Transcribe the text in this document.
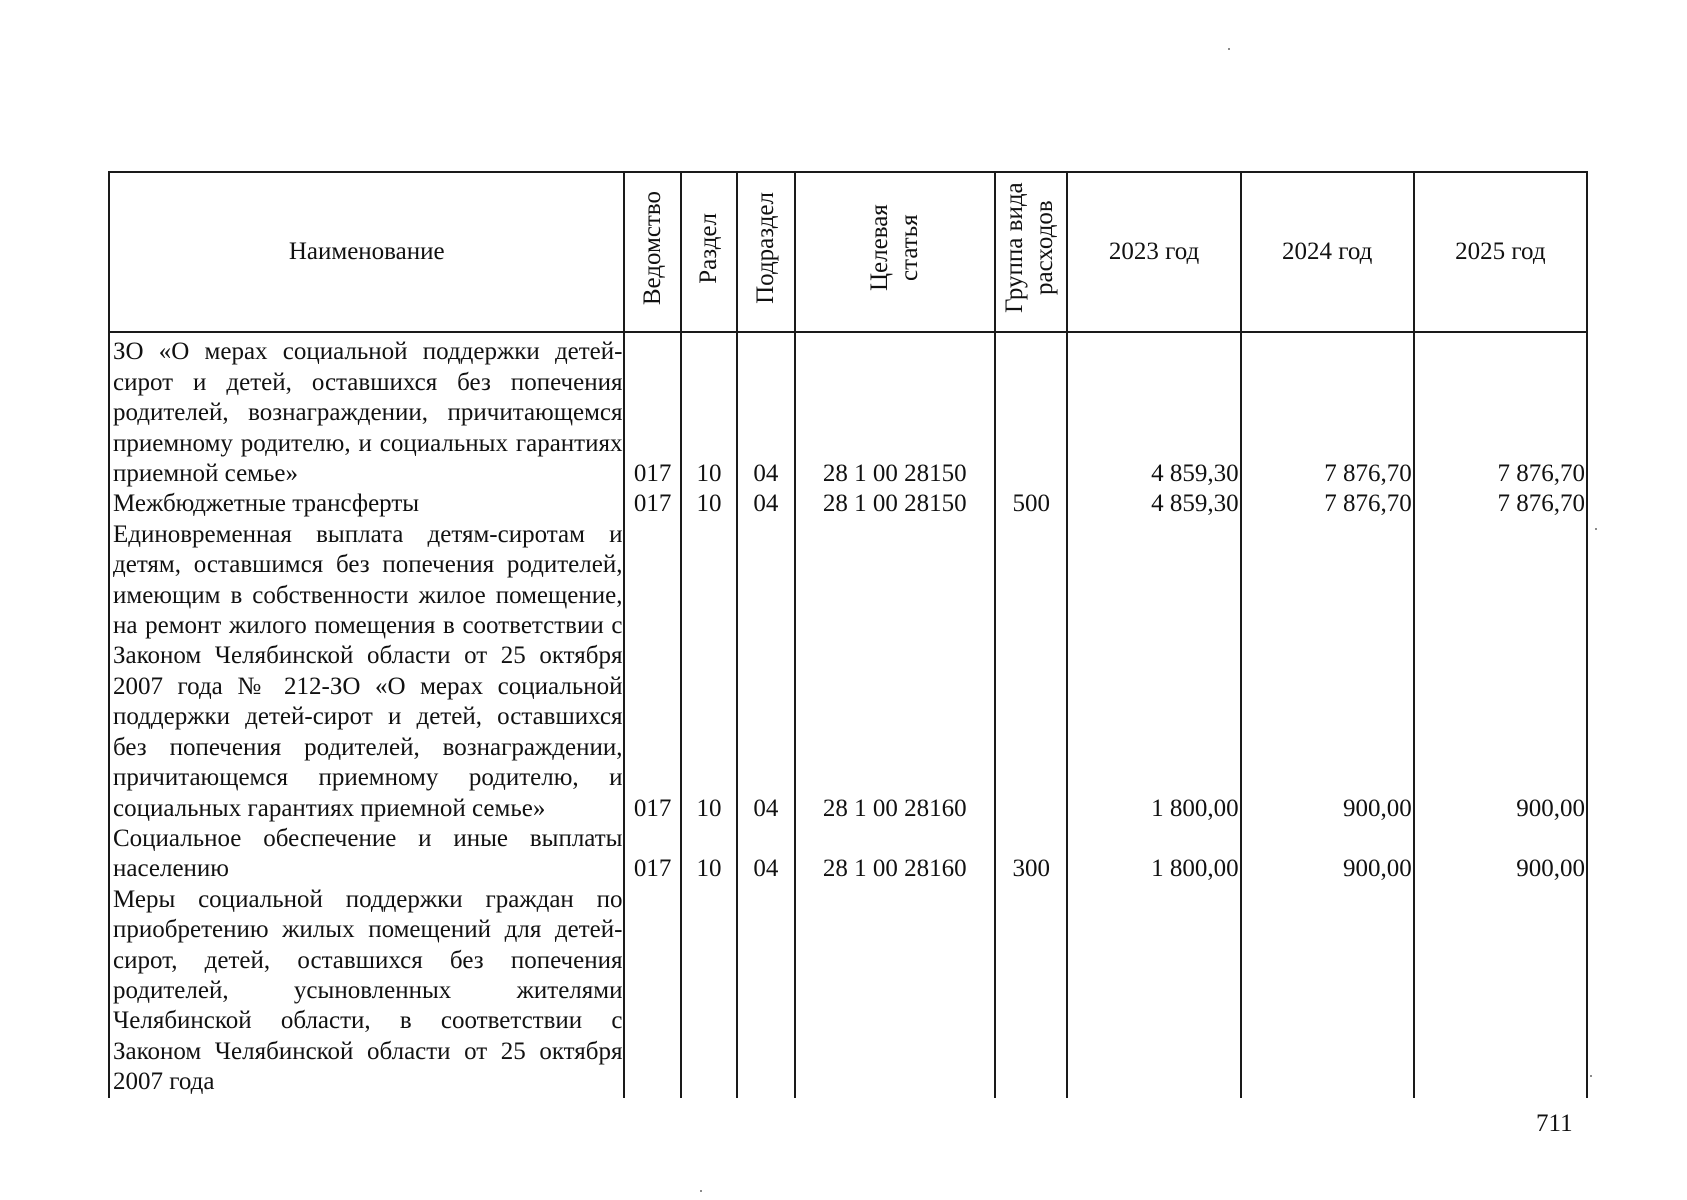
Наименование	Ведомство	Раздел	Подраздел	Целевая статья	Группа вида расходов	2023 год	2024 год	2025 год
ЗО «О мерах социальной поддержки детей-сирот и детей, оставшихся без попечения родителей, вознаграждении, причитающемся приемному родителю, и социальных гарантиях приемной семье»	017	10	04	28 1 00 28150		4 859,30	7 876,70	7 876,70
Межбюджетные трансферты	017	10	04	28 1 00 28150	500	4 859,30	7 876,70	7 876,70
Единовременная выплата детям-сиротам и детям, оставшимся без попечения родителей, имеющим в собственности жилое помещение, на ремонт жилого помещения в соответствии с Законом Челябинской области от 25 октября 2007 года № 212-ЗО «О мерах социальной поддержки детей-сирот и детей, оставшихся без попечения родителей, вознаграждении, причитающемся приемному родителю, и социальных гарантиях приемной семье»	017	10	04	28 1 00 28160		1 800,00	900,00	900,00
Социальное обеспечение и иные выплаты населению	017	10	04	28 1 00 28160	300	1 800,00	900,00	900,00
Меры социальной поддержки граждан по приобретению жилых помещений для детей-сирот, детей, оставшихся без попечения родителей, усыновленных жителями Челябинской области, в соответствии с Законом Челябинской области от 25 октября 2007 года								
711
